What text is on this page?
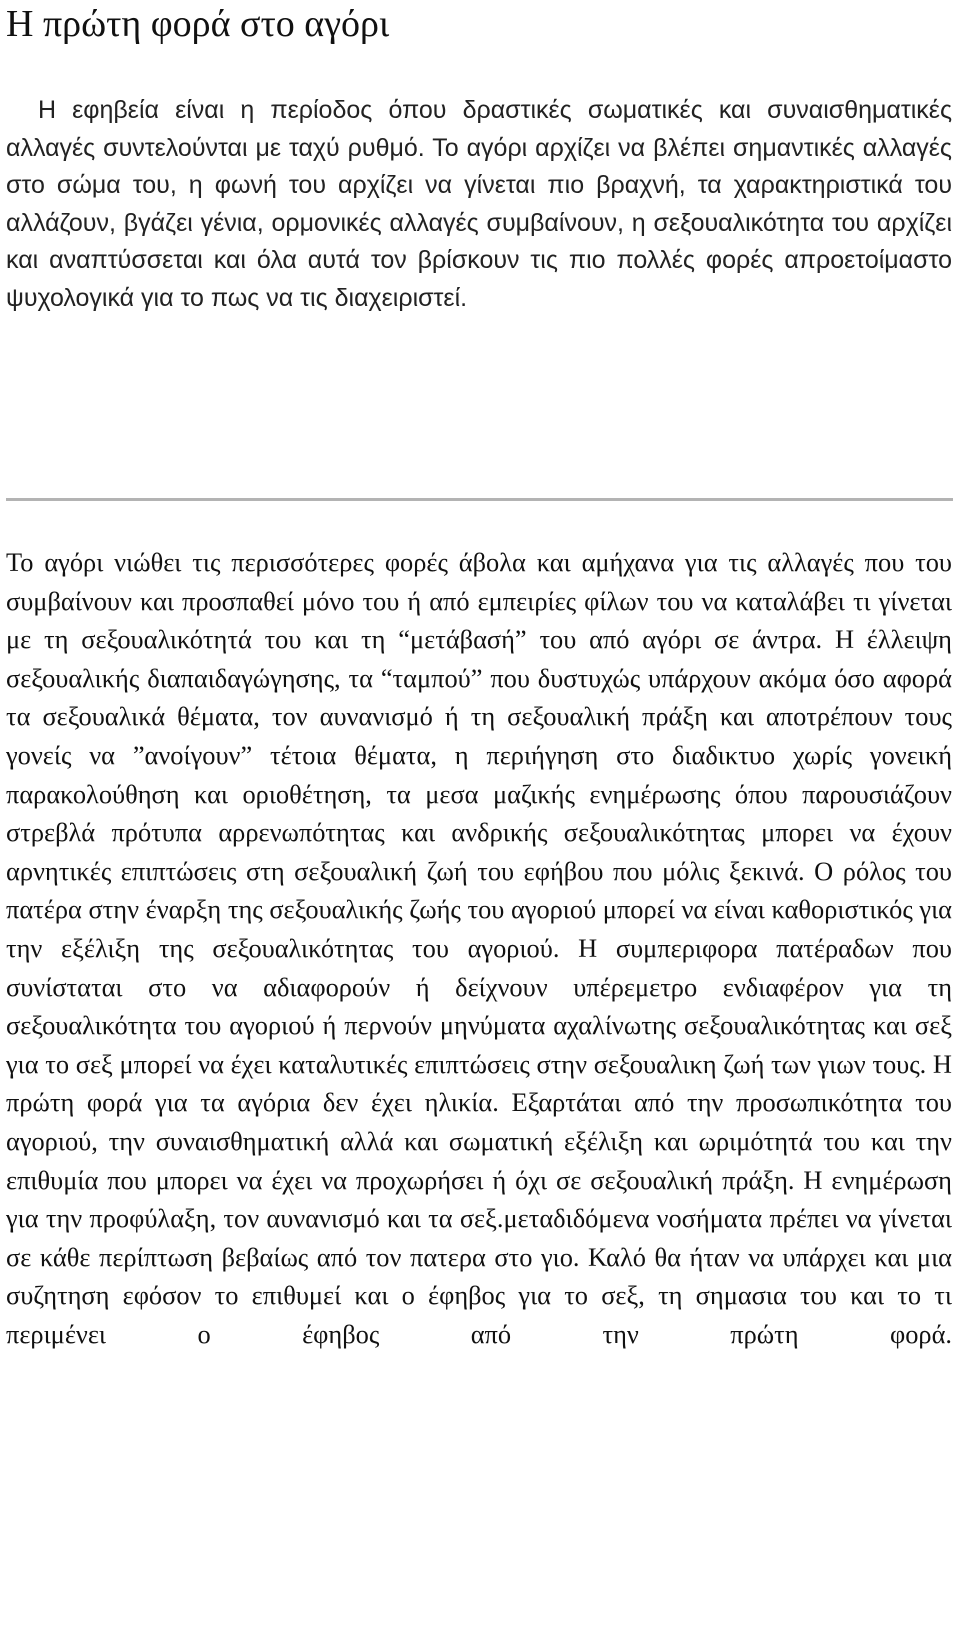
Η πρώτη φορά στο αγόρι

Η εφηβεία είναι η περίοδος όπου δραστικές σωματικές και συναισθηματικές αλλαγές συντελούνται με ταχύ ρυθμό. Το αγόρι αρχίζει να βλέπει σημαντικές αλλαγές στο σώμα του, η φωνή του αρχίζει να γίνεται πιο βραχνή, τα χαρακτηριστικά του αλλάζουν, βγάζει γένια, ορμονικές αλλαγές συμβαίνουν, η σεξουαλικότητα του αρχίζει και αναπτύσσεται και όλα αυτά τον βρίσκουν τις πιο πολλές φορές απροετοίμαστο ψυχολογικά για το πως να τις διαχειριστεί.

Το αγόρι νιώθει τις περισσότερες φορές άβολα και αμήχανα για τις αλλαγές που του συμβαίνουν και προσπαθεί μόνο του ή από εμπειρίες φίλων του να καταλάβει τι γίνεται με τη σεξουαλικότητά του και τη “μετάβασή” του από αγόρι σε άντρα. Η έλλειψη σεξουαλικής διαπαιδαγώγησης, τα “ταμπού” που δυστυχώς υπάρχουν ακόμα όσο αφορά τα σεξουαλικά θέματα, τον αυνανισμό ή τη σεξουαλική πράξη και αποτρέπουν τους γονείς να ”ανοίγουν” τέτοια θέματα, η περιήγηση στο διαδικτυο χωρίς γονεική παρακολούθηση και οριοθέτηση, τα μεσα μαζικής ενημέρωσης όπου παρουσιάζουν στρεβλά πρότυπα αρρενωπότητας και ανδρικής σεξουαλικότητας μπορει να έχουν αρνητικές επιπτώσεις στη σεξουαλική ζωή του εφήβου που μόλις ξεκινά. Ο ρόλος του πατέρα στην έναρξη της σεξουαλικής ζωής του αγοριού μπορεί να είναι καθοριστικός για την εξέλιξη της σεξουαλικότητας του αγοριού. Η συμπεριφορα πατέραδων που συνίσταται στο να αδιαφορούν ή δείχνουν υπέρεμετρο ενδιαφέρον για τη σεξουαλικότητα του αγοριού ή περνούν μηνύματα αχαλίνωτης σεξουαλικότητας και σεξ για το σεξ μπορεί να έχει καταλυτικές επιπτώσεις στην σεξουαλικη ζωή των γιων τους. Η πρώτη φορά για τα αγόρια δεν έχει ηλικία. Εξαρτάται από την προσωπικότητα του αγοριού, την συναισθηματική αλλά και σωματική εξέλιξη και ωριμότητά του και την επιθυμία που μπορει να έχει να προχωρήσει ή όχι σε σεξουαλική πράξη. Η ενημέρωση για την προφύλαξη, τον αυνανισμό και τα σεξ.μεταδιδόμενα νοσήματα πρέπει να γίνεται σε κάθε περίπτωση βεβαίως από τον πατερα στο γιο. Καλό θα ήταν να υπάρχει και μια συζητηση εφόσον το επιθυμεί και ο έφηβος για το σεξ, τη σημασια του και το τι περιμένει ο έφηβος από την πρώτη φορά.
